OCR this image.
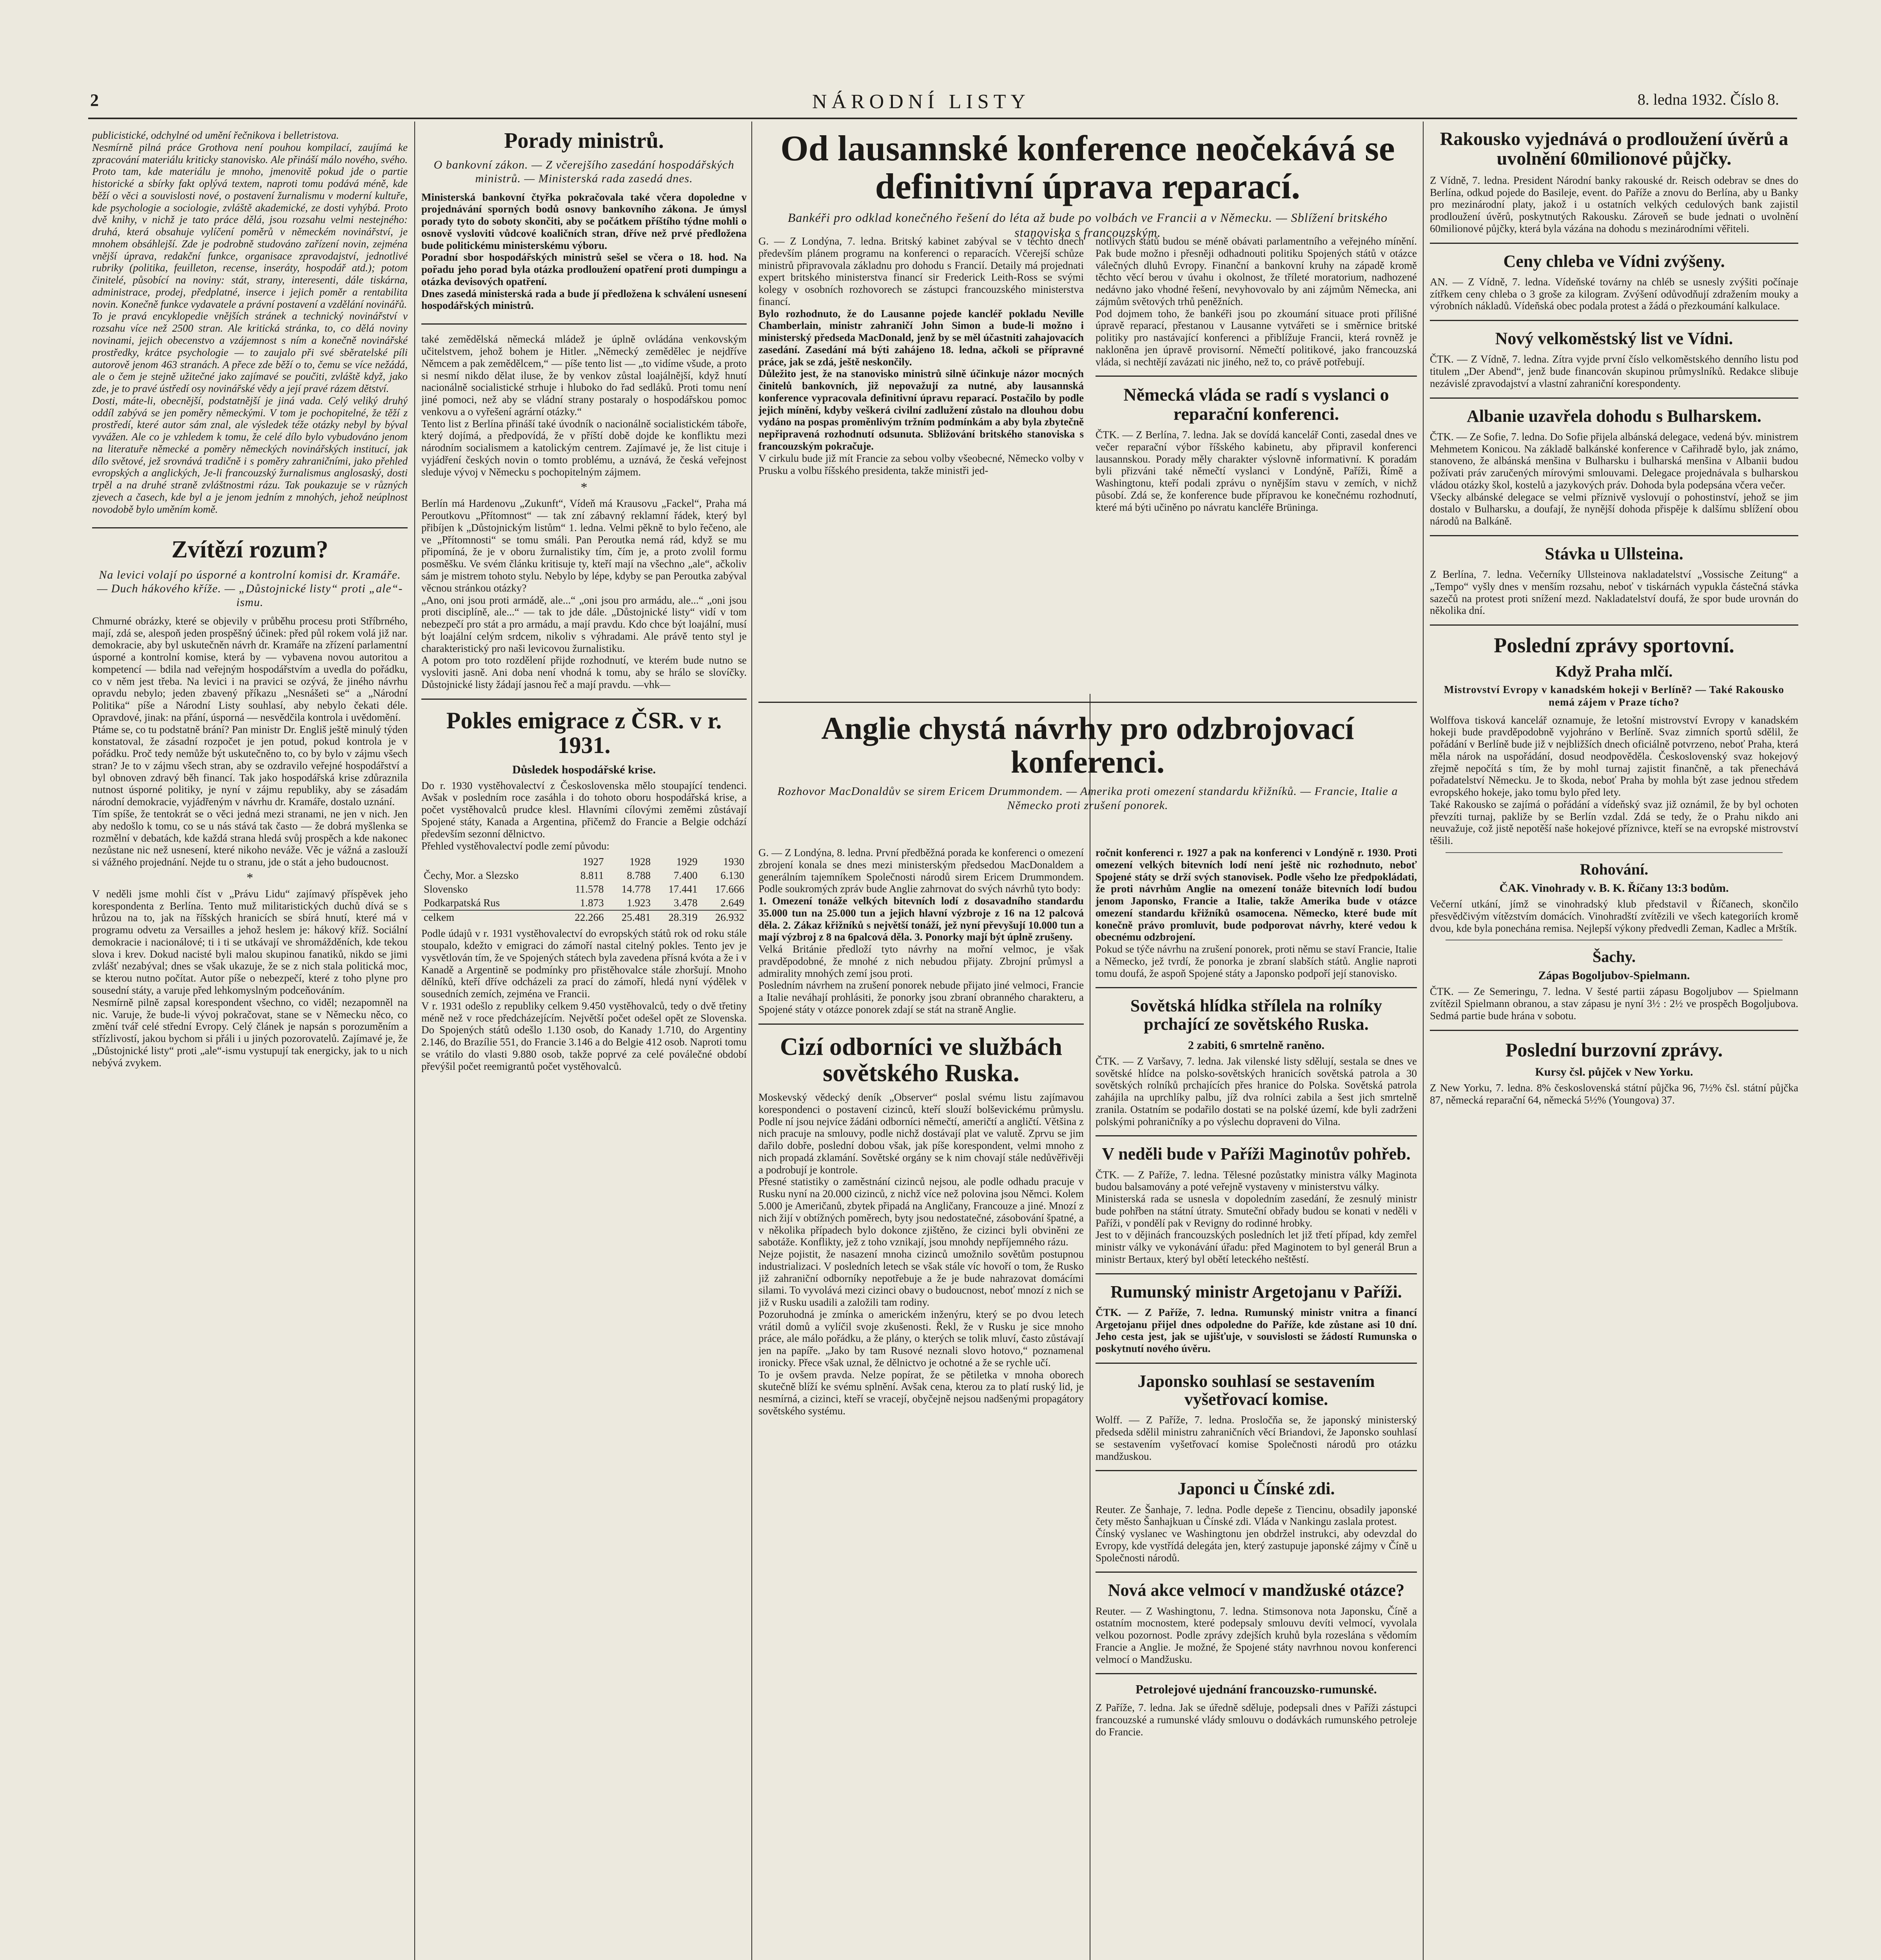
2	NÁRODNÍ LISTY	8. ledna 1932. Číslo 8.

publicistické, odchylné od umění řečnikova i belletristova.

Nesmírně pilná práce Grothova není pouhou kompilací, zaujímá ke zpracování materiálu kriticky stanovisko. Ale přináší málo nového, svého. Proto tam, kde materiálu je mnoho, jmenovitě pokud jde o partie historické a sbírky fakt oplývá textem, naproti tomu podává méně, kde běží o věci a souvislosti nové, o postavení žurnalismu v moderní kultuře, kde psychologie a sociologie, zvláště akademické, ze dosti vyhýbá. Proto dvě knihy, v nichž je tato práce dělá, jsou rozsahu velmi nestejného: druhá, která obsahuje vylíčení poměrů v německém novinářství, je mnohem obsáhlejší. Zde je podrobně studováno zařízení novin, zejména vnější úprava, redakční funkce, organisace zpravodajství, jednotlivé rubriky (politika, feuilleton, recense, inseráty, hospodář atd.); potom činitelé, působící na noviny: stát, strany, interesenti, dále tiskárna, administrace, prodej, předplatné, inserce i jejich poměr a rentabilita novin. Konečně funkce vydavatele a právní postavení a vzdělání novinářů.

To je pravá encyklopedie vnějších stránek a technický novinářství v rozsahu více než 2500 stran. Ale kritická stránka, to, co dělá noviny novinami, jejich obecenstvo a vzájemnost s ním a konečně novinářské prostředky, krátce psychologie — to zaujalo při své sběratelské píli autorově jenom 463 stranách. A přece zde běží o to, čemu se více nežádá, ale o čem je stejně užitečné jako zajímavé se poučiti, zvláště když, jako zde, je to pravé ústředí osy novinářské vědy a její pravé rázem dětství.

Dosti, máte-li, obecnější, podstatnější je jiná vada. Celý veliký druhý oddíl zabývá se jen poměry německými. V tom je pochopitelné, že těží z prostředí, které autor sám znal, ale výsledek téže otázky nebyl by býval vyvážen. Ale co je vzhledem k tomu, že celé dílo bylo vybudováno jenom na literatuře německé a poměry německých novinářských institucí, jak dílo světové, jež srovnává tradičně i s poměry zahraničními, jako přehled evropských a anglických, Je-li francouzský žurnalismus anglosaský, dosti trpěl a na druhé straně zvláštnostmi rázu. Tak poukazuje se v různých zjevech a časech, kde byl a je jenom jedním z mnohých, jehož neúplnost novodobě bylo uměním komě.

Zvítězí rozum?

Na levici volají po úsporné a kontrolní komisi dr. Kramáře. — Duch hákového kříže. — „Důstojnické listy“ proti „ale“-ismu.

Chmurné obrázky, které se objevily v průběhu procesu proti Stříbrného, mají, zdá se, alespoň jeden prospěšný účinek: před půl rokem volá již nar. demokracie, aby byl uskutečněn návrh dr. Kramáře na zřízení parlamentní úsporné a kontrolní komise, která by — vybavena novou autoritou a kompetencí — bdila nad veřejným hospodářstvím a uvedla do pořádku, co v něm jest třeba. Na levici i na pravici se ozývá, že jiného návrhu opravdu nebylo; jeden zbavený příkazu „Nesnášeti se“ a „Národní Politika“ píše a Národní Listy souhlasí, aby nebylo čekati déle. Opravdové, jinak: na přání, úsporná — nesvědčila kontrola i uvědomění.

Ptáme se, co tu podstatně brání? Pan ministr Dr. Engliš ještě minulý týden konstatoval, že zásadní rozpočet je jen potud, pokud kontrola je v pořádku. Proč tedy nemůže být uskutečněno to, co by bylo v zájmu všech stran? Je to v zájmu všech stran, aby se ozdravilo veřejné hospodářství a byl obnoven zdravý běh financí. Tak jako hospodářská krise zdůraznila nutnost úsporné politiky, je nyní v zájmu republiky, aby se zásadám národní demokracie, vyjádřeným v návrhu dr. Kramáře, dostalo uznání.

Tím spíše, že tentokrát se o věci jedná mezi stranami, ne jen v nich. Jen aby nedošlo k tomu, co se u nás stává tak často — že dobrá myšlenka se rozmělní v debatách, kde každá strana hledá svůj prospěch a kde nakonec nezůstane nic než usnesení, které nikoho neváže. Věc je vážná a zaslouží si vážného projednání. Nejde tu o stranu, jde o stát a jeho budoucnost.

*

V neděli jsme mohli číst v „Právu Lidu“ zajímavý příspěvek jeho korespondenta z Berlína. Tento muž militaristických duchů dívá se s hrůzou na to, jak na říšských hranicích se sbírá hnutí, které má v programu odvetu za Versailles a jehož heslem je: hákový kříž. Sociální demokracie i nacionálové; ti i ti se utkávají ve shromážděních, kde tekou slova i krev. Dokud nacisté byli malou skupinou fanatiků, nikdo se jimi zvlášť nezabýval; dnes se však ukazuje, že se z nich stala politická moc, se kterou nutno počítat. Autor píše o nebezpečí, které z toho plyne pro sousední státy, a varuje před lehkomyslným podceňováním.

Nesmírně pilně zapsal korespondent všechno, co viděl; nezapomněl na nic. Varuje, že bude-li vývoj pokračovat, stane se v Německu něco, co změní tvář celé střední Evropy. Celý článek je napsán s porozuměním a střízlivostí, jakou bychom si přáli i u jiných pozorovatelů. Zajímavé je, že „Důstojnické listy“ proti „ale“-ismu vystupují tak energicky, jak to u nich nebývá zvykem.

Porady ministrů.

O bankovní zákon. — Z včerejšího zasedání hospodářských ministrů. — Ministerská rada zasedá dnes.

Ministerská bankovní čtyřka pokračovala také včera dopoledne v projednávání sporných bodů osnovy bankovního zákona. Je úmysl porady tyto do soboty skončiti, aby se počátkem příštího týdne mohli o osnově vysloviti vůdcové koaličních stran, dříve než prvé předložena bude politickému ministerskému výboru.

Poradní sbor hospodářských ministrů sešel se včera o 18. hod. Na pořadu jeho porad byla otázka prodloužení opatření proti dumpingu a otázka devisových opatření.

Dnes zasedá ministerská rada a bude jí předložena k schválení usnesení hospodářských ministrů.

také zemědělská německá mládež je úplně ovládána venkovským učitelstvem, jehož bohem je Hitler. „Německý zemědělec je nejdříve Němcem a pak zemědělcem,“ — píše tento list — „to vidíme všude, a proto si nesmí nikdo dělat iluse, že by venkov zůstal loajálnější, když hnutí nacionálně socialistické strhuje i hluboko do řad sedláků. Proti tomu není jiné pomoci, než aby se vládní strany postaraly o hospodářskou pomoc venkovu a o vyřešení agrární otázky.“

Tento list z Berlína přináší také úvodník o nacionálně socialistickém táboře, který dojímá, a předpovídá, že v příští době dojde ke konfliktu mezi národním socialismem a katolickým centrem. Zajímavé je, že list cituje i vyjádření českých novin o tomto problému, a uznává, že česká veřejnost sleduje vývoj v Německu s pochopitelným zájmem.

*

Berlín má Hardenovu „Zukunft“, Vídeň má Krausovu „Fackel“, Praha má Peroutkovu „Přítomnost“ — tak zní zábavný reklamní řádek, který byl přibíjen k „Důstojnickým listům“ 1. ledna. Velmi pěkně to bylo řečeno, ale ve „Přítomnosti“ se tomu smáli. Pan Peroutka nemá rád, když se mu připomíná, že je v oboru žurnalistiky tím, čím je, a proto zvolil formu posměšku. Ve svém článku kritisuje ty, kteří mají na všechno „ale“, ačkoliv sám je mistrem tohoto stylu. Nebylo by lépe, kdyby se pan Peroutka zabýval věcnou stránkou otázky?

„Ano, oni jsou proti armádě, ale...“ „oni jsou pro armádu, ale...“ „oni jsou proti disciplíně, ale...“ — tak to jde dále. „Důstojnické listy“ vidí v tom nebezpečí pro stát a pro armádu, a mají pravdu. Kdo chce být loajální, musí být loajální celým srdcem, nikoliv s výhradami. Ale právě tento styl je charakteristický pro naši levicovou žurnalistiku.

A potom pro toto rozdělení přijde rozhodnutí, ve kterém bude nutno se vysloviti jasně. Ani doba není vhodná k tomu, aby se hrálo se slovíčky. Důstojnické listy žádají jasnou řeč a mají pravdu. —vhk—

Pokles emigrace z ČSR. v r. 1931.
Důsledek hospodářské krise.

Do r. 1930 vystěhovalectví z Československa mělo stoupající tendenci. Avšak v posledním roce zasáhla i do tohoto oboru hospodářská krise, a počet vystěhovalců prudce klesl. Hlavními cílovými zeměmi zůstávají Spojené státy, Kanada a Argentina, přičemž do Francie a Belgie odchází především sezonní dělnictvo.

Přehled vystěhovalectví podle zemí původu:

	1927	1928	1929	1930
Čechy, Mor. a Slezsko	8.811	8.788	7.400	6.130
Slovensko	11.578	14.778	17.441	17.666
Podkarpatská Rus	1.873	1.923	3.478	2.649
celkem	22.266	25.481	28.319	26.932

Podle údajů v r. 1931 vystěhovalectví do evropských států rok od roku stále stoupalo, kdežto v emigraci do zámoří nastal citelný pokles. Tento jev je vysvětlován tím, že ve Spojených státech byla zavedena přísná kvóta a že i v Kanadě a Argentině se podmínky pro přistěhovalce stále zhoršují. Mnoho dělníků, kteří dříve odcházeli za prací do zámoří, hledá nyní výdělek v sousedních zemích, zejména ve Francii.

V r. 1931 odešlo z republiky celkem 9.450 vystěhovalců, tedy o dvě třetiny méně než v roce předcházejícím. Největší počet odešel opět ze Slovenska. Do Spojených států odešlo 1.130 osob, do Kanady 1.710, do Argentiny 2.146, do Brazílie 551, do Francie 3.146 a do Belgie 412 osob. Naproti tomu se vrátilo do vlasti 9.880 osob, takže poprvé za celé poválečné období převýšil počet reemigrantů počet vystěhovalců.

Od lausannské konference neočekává se definitivní úprava reparací.

Bankéři pro odklad konečného řešení do léta až bude po volbách ve Francii a v Německu. — Sblížení britského stanoviska s francouzským.

G. — Z Londýna, 7. ledna. Britský kabinet zabýval se v těchto dnech především plánem programu na konferenci o reparacích. Včerejší schůze ministrů připravovala základnu pro dohodu s Francií. Detaily má projednati expert britského ministerstva financí sir Frederick Leith-Ross se svými kolegy v osobních rozhovorech se zástupci francouzského ministerstva financí.

Bylo rozhodnuto, že do Lausanne pojede kancléř pokladu Neville Chamberlain, ministr zahraničí John Simon a bude-li možno i ministerský předseda MacDonald, jenž by se měl účastniti zahajovacích zasedání. Zasedání má býti zahájeno 18. ledna, ačkoli se přípravné práce, jak se zdá, ještě neskončily.

Důležito jest, že na stanovisko ministrů silně účinkuje názor mocných činitelů bankovních, již nepovažují za nutné, aby lausannská konference vypracovala definitivní úpravu reparací. Postačilo by podle jejich mínění, kdyby veškerá civilní zadlužení zůstalo na dlouhou dobu vydáno na pospas proměnlivým tržním podmínkám a aby byla zbytečně nepřipravená rozhodnutí odsunuta. Sbližování britského stanoviska s francouzským pokračuje.

V cirkulu bude již mít Francie za sebou volby všeobecné, Německo volby v Prusku a volbu říšského presidenta, takže ministři jed-

notlivých států budou se méně obávati parlamentního a veřejného mínění. Pak bude možno i přesněji odhadnouti politiku Spojených států v otázce válečných dluhů Evropy. Finanční a bankovní kruhy na západě kromě těchto věcí berou v úvahu i okolnost, že tříleté moratorium, nadhozené nedávno jako vhodné řešení, nevyhovovalo by ani zájmům Německa, ani zájmům světových trhů peněžních.

Pod dojmem toho, že bankéři jsou po zkoumání situace proti přílišné úpravě reparací, přestanou v Lausanne vytvářeti se i směrnice britské politiky pro nastávající konferenci a přiblížuje Francii, která rovněž je nakloněna jen úpravě provisorní. Němečtí politikové, jako francouzská vláda, si nechtějí zavázati nic jiného, než to, co právě potřebují.

Německá vláda se radí s vyslanci o reparační konferenci.

ČTK. — Z Berlína, 7. ledna. Jak se dovídá kancelář Conti, zasedal dnes ve večer reparační výbor říšského kabinetu, aby připravil konferenci lausannskou. Porady měly charakter výslovně informativní. K poradám byli přizváni také němečtí vyslanci v Londýně, Paříži, Římě a Washingtonu, kteří podali zprávu o nynějším stavu v zemích, v nichž působí. Zdá se, že konference bude přípravou ke konečnému rozhodnutí, které má býti učiněno po návratu kancléře Brüninga.

Anglie chystá návrhy pro odzbrojovací konferenci.

Rozhovor MacDonaldův se sirem Ericem Drummondem. — Amerika proti omezení standardu křižníků. — Francie, Italie a Německo proti zrušení ponorek.

G. — Z Londýna, 8. ledna. První předběžná porada ke konferenci o omezení zbrojení konala se dnes mezi ministerským předsedou MacDonaldem a generálním tajemníkem Společnosti národů sirem Ericem Drummondem. Podle soukromých zpráv bude Anglie zahrnovat do svých návrhů tyto body:

1. Omezení tonáže velkých bitevních lodí z dosavadního standardu 35.000 tun na 25.000 tun a jejich hlavní výzbroje z 16 na 12 palcová děla. 2. Zákaz křižníků s největší tonáží, jež nyní převyšují 10.000 tun a mají výzbroj z 8 na 6palcová děla. 3. Ponorky mají být úplně zrušeny.

Velká Británie předloží tyto návrhy na mořní velmoc, je však pravděpodobné, že mnohé z nich nebudou přijaty. Zbrojní průmysl a admirality mnohých zemí jsou proti.

Posledním návrhem na zrušení ponorek nebude přijato jiné velmoci, Francie a Italie neváhají prohlásiti, že ponorky jsou zbraní obranného charakteru, a Spojené státy v otázce ponorek zdají se stát na straně Anglie.

Cizí odborníci ve službách sovětského Ruska.

Moskevský vědecký deník „Observer“ poslal svému listu zajímavou korespondenci o postavení cizinců, kteří slouží bolševickému průmyslu. Podle ní jsou nejvíce žádáni odborníci němečtí, američtí a angličtí. Většina z nich pracuje na smlouvy, podle nichž dostávají plat ve valutě. Zprvu se jim dařilo dobře, poslední dobou však, jak píše korespondent, velmi mnoho z nich propadá zklamání. Sovětské orgány se k nim chovají stále nedůvěřivěji a podrobují je kontrole.

Přesné statistiky o zaměstnání cizinců nejsou, ale podle odhadu pracuje v Rusku nyní na 20.000 cizinců, z nichž více než polovina jsou Němci. Kolem 5.000 je Američanů, zbytek připadá na Angličany, Francouze a jiné. Mnozí z nich žijí v obtížných poměrech, byty jsou nedostatečné, zásobování špatné, a v několika případech bylo dokonce zjištěno, že cizinci byli obviněni ze sabotáže. Konflikty, jež z toho vznikají, jsou mnohdy nepříjemného rázu.

Nejze pojistit, že nasazení mnoha cizinců umožnilo sovětům postupnou industrializaci. V posledních letech se však stále víc hovoří o tom, že Rusko již zahraniční odborníky nepotřebuje a že je bude nahrazovat domácími silami. To vyvolává mezi cizinci obavy o budoucnost, neboť mnozí z nich se již v Rusku usadili a založili tam rodiny.

Pozoruhodná je zmínka o americkém inženýru, který se po dvou letech vrátil domů a vylíčil svoje zkušenosti. Řekl, že v Rusku je sice mnoho práce, ale málo pořádku, a že plány, o kterých se tolik mluví, často zůstávají jen na papíře. „Jako by tam Rusové neznali slovo hotovo,“ poznamenal ironicky. Přece však uznal, že dělnictvo je ochotné a že se rychle učí.

To je ovšem pravda. Nelze popírat, že se pětiletka v mnoha oborech skutečně blíží ke svému splnění. Avšak cena, kterou za to platí ruský lid, je nesmírná, a cizinci, kteří se vracejí, obyčejně nejsou nadšenými propagátory sovětského systému.

ročnit konferenci r. 1927 a pak na konferenci v Londýně r. 1930. Proti omezení velkých bitevních lodí není ještě nic rozhodnuto, neboť Spojené státy se drží svých stanovisek. Podle všeho lze předpokládati, že proti návrhům Anglie na omezení tonáže bitevních lodí budou jenom Japonsko, Francie a Italie, takže Amerika bude v otázce omezení standardu křižníků osamocena. Německo, které bude mít konečně právo promluvit, bude podporovat návrhy, které vedou k obecnému odzbrojení.

Pokud se týče návrhu na zrušení ponorek, proti němu se staví Francie, Italie a Německo, jež tvrdí, že ponorka je zbraní slabších států. Anglie naproti tomu doufá, že aspoň Spojené státy a Japonsko podpoří její stanovisko.

Sovětská hlídka střílela na rolníky prchající ze sovětského Ruska.
2 zabiti, 6 smrtelně raněno.

ČTK. — Z Varšavy, 7. ledna. Jak vilenské listy sdělují, sestala se dnes ve sovětské hlídce na polsko-sovětských hranicích sovětská patrola a 30 sovětských rolníků prchajících přes hranice do Polska. Sovětská patrola zahájila na uprchlíky palbu, jíž dva rolníci zabila a šest jich smrtelně zranila. Ostatním se podařilo dostati se na polské území, kde byli zadrženi polskými pohraničníky a po výslechu dopraveni do Vilna.

V neděli bude v Paříži Maginotův pohřeb.

ČTK. — Z Paříže, 7. ledna. Tělesné pozůstatky ministra války Maginota budou balsamovány a poté veřejně vystaveny v ministerstvu války.

Ministerská rada se usnesla v dopoledním zasedání, že zesnulý ministr bude pohřben na státní útraty. Smuteční obřady budou se konati v neděli v Paříži, v pondělí pak v Revigny do rodinné hrobky.

Jest to v dějinách francouzských posledních let již třetí případ, kdy zemřel ministr války ve vykonávání úřadu: před Maginotem to byl generál Brun a ministr Bertaux, který byl obětí leteckého neštěstí.

Rumunský ministr Argetojanu v Paříži.

ČTK. — Z Paříže, 7. ledna. Rumunský ministr vnitra a financí Argetojanu přijel dnes odpoledne do Paříže, kde zůstane asi 10 dní. Jeho cesta jest, jak se ujišťuje, v souvislosti se žádostí Rumunska o poskytnutí nového úvěru.

Japonsko souhlasí se sestavením vyšetřovací komise.

Wolff. — Z Paříže, 7. ledna. Prosločňa se, že japonský ministerský předseda sdělil ministru zahraničních věcí Briandovi, že Japonsko souhlasí se sestavením vyšetřovací komise Společnosti národů pro otázku mandžuskou.

Japonci u Čínské zdi.

Reuter. Ze Šanhaje, 7. ledna. Podle depeše z Tiencinu, obsadily japonské čety město Šanhajkuan u Čínské zdi. Vláda v Nankingu zaslala protest.

Čínský vyslanec ve Washingtonu jen obdržel instrukci, aby odevzdal do Evropy, kde vystřídá delegáta jen, který zastupuje japonské zájmy v Číně u Společnosti národů.

Nová akce velmocí v mandžuské otázce?

Reuter. — Z Washingtonu, 7. ledna. Stimsonova nota Japonsku, Číně a ostatním mocnostem, které podepsaly smlouvu devíti velmocí, vyvolala velkou pozornost. Podle zprávy zdejších kruhů byla rozeslána s vědomím Francie a Anglie. Je možné, že Spojené státy navrhnou novou konferenci velmocí o Mandžusku.

Petrolejové ujednání francouzsko-rumunské.

Z Paříže, 7. ledna. Jak se úředně sděluje, podepsali dnes v Paříži zástupci francouzské a rumunské vlády smlouvu o dodávkách rumunského petroleje do Francie.

Rakousko vyjednává o prodloužení úvěrů a uvolnění 60milionové půjčky.

Z Vídně, 7. ledna. President Národní banky rakouské dr. Reisch odebrav se dnes do Berlína, odkud pojede do Basileje, event. do Paříže a znovu do Berlína, aby u Banky pro mezinárodní platy, jakož i u ostatních velkých cedulových bank zajistil prodloužení úvěrů, poskytnutých Rakousku. Zároveň se bude jednati o uvolnění 60milionové půjčky, která byla vázána na dohodu s mezinárodními věřiteli.

Ceny chleba ve Vídni zvýšeny.

AN. — Z Vídně, 7. ledna. Vídeňské továrny na chléb se usnesly zvýšiti počínaje zítřkem ceny chleba o 3 groše za kilogram. Zvýšení odůvodňují zdražením mouky a výrobních nákladů. Vídeňská obec podala protest a žádá o přezkoumání kalkulace.

Nový velkoměstský list ve Vídni.

ČTK. — Z Vídně, 7. ledna. Zítra vyjde první číslo velkoměstského denního listu pod titulem „Der Abend“, jenž bude financován skupinou průmyslníků. Redakce slibuje nezávislé zpravodajství a vlastní zahraniční korespondenty.

Albanie uzavřela dohodu s Bulharskem.

ČTK. — Ze Sofie, 7. ledna. Do Sofie přijela albánská delegace, vedená býv. ministrem Mehmetem Konicou. Na základě balkánské konference v Cařihradě bylo, jak známo, stanoveno, že albánská menšina v Bulharsku i bulharská menšina v Albanii budou požívati práv zaručených mírovými smlouvami. Delegace projednávala s bulharskou vládou otázky škol, kostelů a jazykových práv. Dohoda byla podepsána včera večer.

Všecky albánské delegace se velmi příznivě vyslovují o pohostinství, jehož se jim dostalo v Bulharsku, a doufají, že nynější dohoda přispěje k dalšímu sblížení obou národů na Balkáně.

Stávka u Ullsteina.

Z Berlína, 7. ledna. Večerníky Ullsteinova nakladatelství „Vossische Zeitung“ a „Tempo“ vyšly dnes v menším rozsahu, neboť v tiskárnách vypukla částečná stávka sazečů na protest proti snížení mezd. Nakladatelství doufá, že spor bude urovnán do několika dní.

Poslední zprávy sportovní.
Když Praha mlčí.

Mistrovství Evropy v kanadském hokeji v Berlíně? — Také Rakousko nemá zájem v Praze tícho?

Wolffova tisková kancelář oznamuje, že letošní mistrovství Evropy v kanadském hokeji bude pravděpodobně vyjohráno v Berlíně. Svaz zimních sportů sdělil, že pořádání v Berlíně bude již v nejbližších dnech oficiálně potvrzeno, neboť Praha, která měla nárok na uspořádání, dosud neodpověděla. Československý svaz hokejový zřejmě nepočítá s tím, že by mohl turnaj zajistit finančně, a tak přenechává pořadatelství Německu. Je to škoda, neboť Praha by mohla být zase jednou středem evropského hokeje, jako tomu bylo před lety.

Také Rakousko se zajímá o pořádání a vídeňský svaz již oznámil, že by byl ochoten převzíti turnaj, pakliže by se Berlín vzdal. Zdá se tedy, že o Prahu nikdo ani neuvažuje, což jistě nepotěší naše hokejové příznivce, kteří se na evropské mistrovství těšili.

Rohování.
ČAK. Vinohrady v. B. K. Říčany 13:3 bodům.

Večerní utkání, jímž se vinohradský klub představil v Říčanech, skončilo přesvědčivým vítězstvím domácích. Vinohradští zvítězili ve všech kategoriích kromě dvou, kde byla ponechána remisa. Nejlepší výkony předvedli Zeman, Kadlec a Mrštík.

Šachy.
Zápas Bogoljubov-Spielmann.

ČTK. — Ze Semeringu, 7. ledna. V šesté partii zápasu Bogoljubov — Spielmann zvítězil Spielmann obranou, a stav zápasu je nyní 3½ : 2½ ve prospěch Bogoljubova. Sedmá partie bude hrána v sobotu.

Poslední burzovní zprávy.
Kursy čsl. půjček v New Yorku.

Z New Yorku, 7. ledna. 8% československá státní půjčka 96, 7½% čsl. státní půjčka 87, německá reparační 64, německá 5½% (Youngova) 37.
